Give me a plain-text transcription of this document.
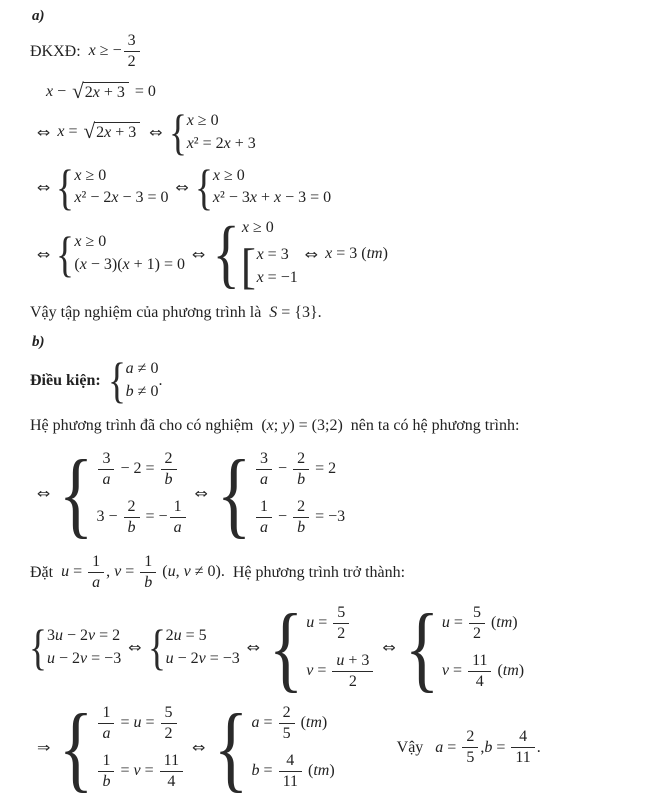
a)
ĐKXĐ: x ≥ − $\frac{3}{2}$
x − √ 2x + 3 = 0
⇔ x = √ 2x + 3 ⇔ { x ≥ 0
x² = 2x + 3
⇔ { x ≥ 0
x² − 2x − 3 = 0
⇔ { x ≥ 0
x² − 3x + x − 3 = 0
⇔ { x ≥ 0
(x − 3)(x + 1) = 0
⇔ { x ≥ 0
[ x = 3
x = −1
⇔ x = 3 (tm)
Vậy tập nghiệm của phương trình là S = {3}.
b)
Điều kiện: { a ≠ 0
b ≠ 0
.
Hệ phương trình đã cho có nghiệm (x; y) = (3;2) nên ta có hệ phương trình:
⇔ { $\frac{3}{a} - 2 = \frac{2}{b}$
$3 - \frac{2}{b}$ = − $\frac{1}{a}$
⇔ { $\frac{3}{a} - \frac{2}{b} = 2$
$\frac{1}{a} - \frac{2}{b} = -3$
Đặt $u = \frac{1}{a}$ , $v = \frac{1}{b} (u$, v ≠ 0). Hệ phương trình trở thành:
{ 3u − 2v = 2
u − 2v = −3
⇔ { 2u = 5
u − 2v = −3
⇔ { $u = \frac{5}{2}$
$v = \frac{u + 3}{2}$
⇔ { $u = \frac{5}{2} (tm)$
$v = \frac{11}{4} (tm)$
⇒ { $\frac{1}{a} = u = \frac{5}{2}$
$\frac{1}{b} = v = \frac{11}{4}$
⇔ { $a = \frac{2}{5} (tm)$
$b = \frac{4}{11} (tm)$
Vậy $a = \frac{2}{5} ,b = \frac{4}{11}$ .
